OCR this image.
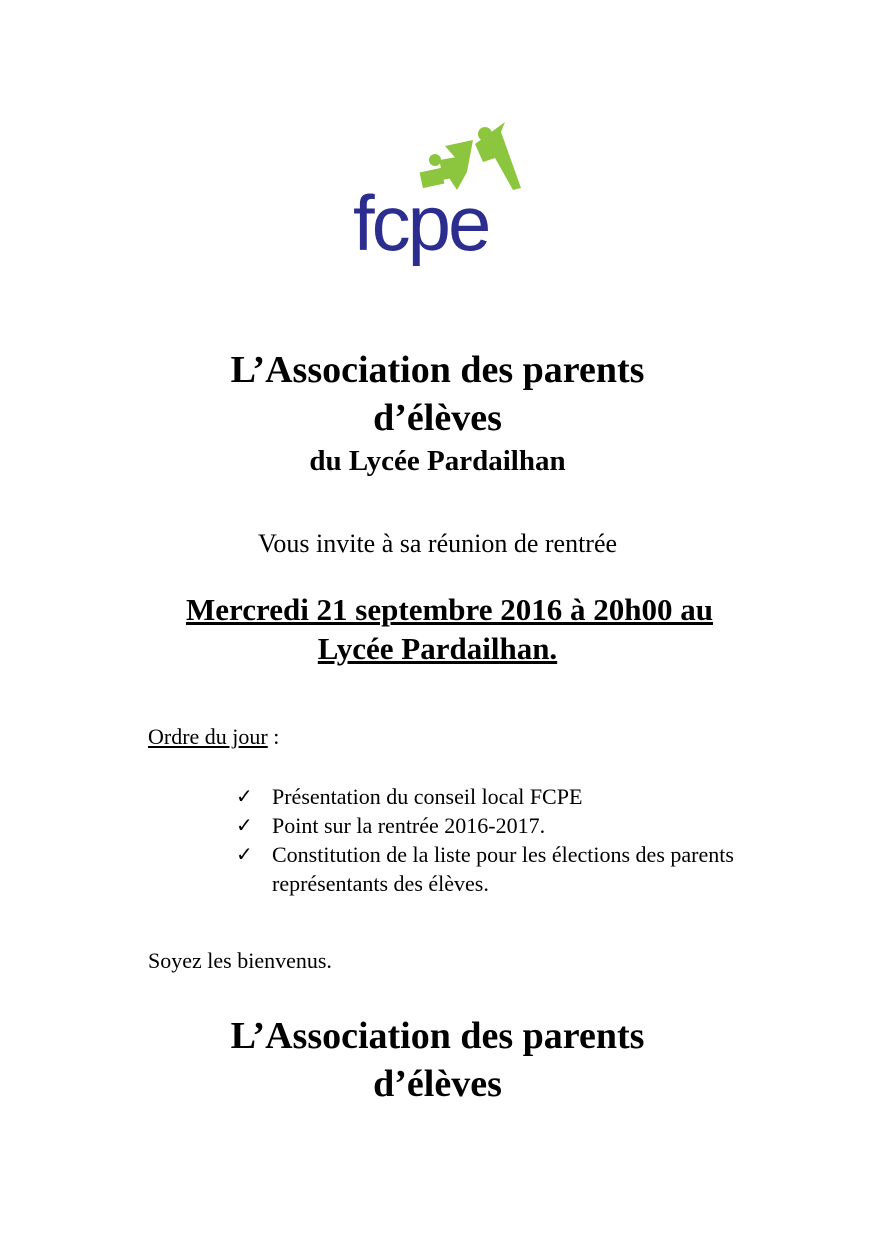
fcpe
L’Association des parents
d’élèves
du Lycée Pardailhan

Vous invite à sa réunion de rentrée

Mercredi 21 septembre 2016 à 20h00 au

Lycée Pardailhan.

Ordre du jour :
✓ Présentation du conseil local FCPE
✓ Point sur la rentrée 2016-2017.
✓ Constitution de la liste pour les élections des parents représentants des élèves.

Soyez les bienvenus.

L’Association des parents
d’élèves
